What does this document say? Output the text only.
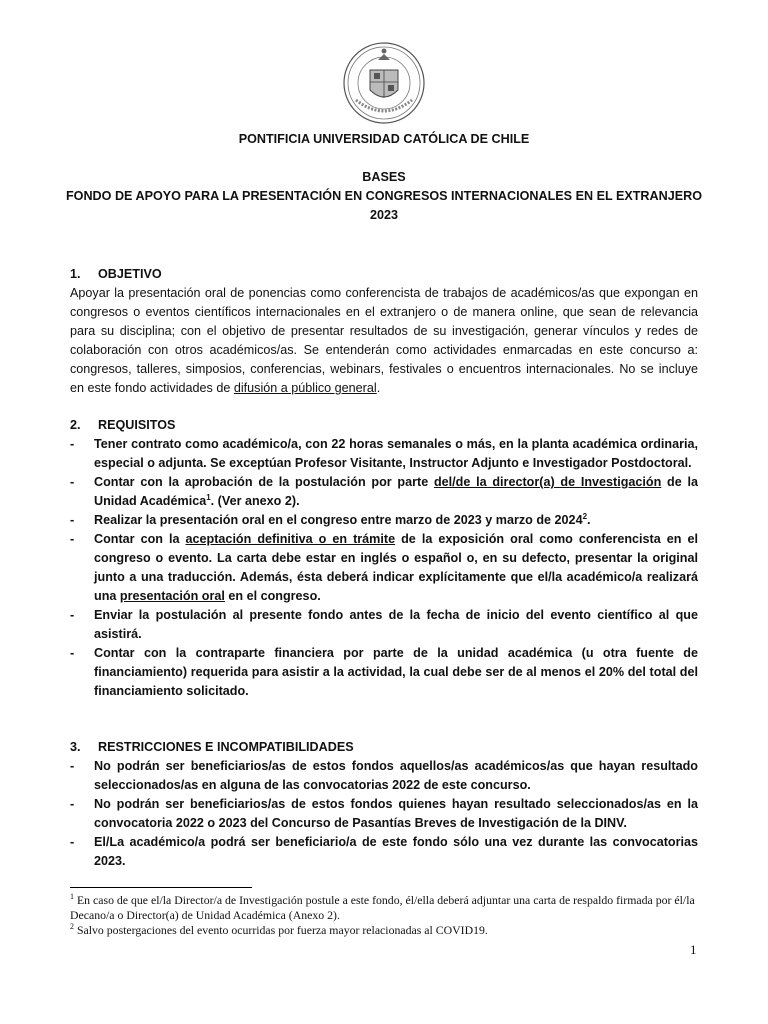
PONTIFICIA UNIVERSIDAD CATÓLICA DE CHILE
BASES
FONDO DE APOYO PARA LA PRESENTACIÓN EN CONGRESOS INTERNACIONALES EN EL EXTRANJERO
2023

1. OBJETIVO

Apoyar la presentación oral de ponencias como conferencista de trabajos de académicos/as que expongan en congresos o eventos científicos internacionales en el extranjero o de manera online, que sean de relevancia para su disciplina; con el objetivo de presentar resultados de su investigación, generar vínculos y redes de colaboración con otros académicos/as. Se entenderán como actividades enmarcadas en este concurso a: congresos, talleres, simposios, conferencias, webinars, festivales o encuentros internacionales. No se incluye en este fondo actividades de difusión a público general.

2. REQUISITOS

- Tener contrato como académico/a, con 22 horas semanales o más, en la planta académica ordinaria, especial o adjunta. Se exceptúan Profesor Visitante, Instructor Adjunto e Investigador Postdoctoral.
- Contar con la aprobación de la postulación por parte del/de la director(a) de Investigación de la Unidad Académica$^1$. (Ver anexo 2).
- Realizar la presentación oral en el congreso entre marzo de 2023 y marzo de 2024$^2$.
- Contar con la aceptación definitiva o en trámite de la exposición oral como conferencista en el congreso o evento. La carta debe estar en inglés o español o, en su defecto, presentar la original junto a una traducción. Además, ésta deberá indicar explícitamente que el/la académico/a realizará una presentación oral en el congreso.
- Enviar la postulación al presente fondo antes de la fecha de inicio del evento científico al que asistirá.
- Contar con la contraparte financiera por parte de la unidad académica (u otra fuente de financiamiento) requerida para asistir a la actividad, la cual debe ser de al menos el 20% del total del financiamiento solicitado.

3. RESTRICCIONES E INCOMPATIBILIDADES

- No podrán ser beneficiarios/as de estos fondos aquellos/as académicos/as que hayan resultado seleccionados/as en alguna de las convocatorias 2022 de este concurso.
- No podrán ser beneficiarios/as de estos fondos quienes hayan resultado seleccionados/as en la convocatoria 2022 o 2023 del Concurso de Pasantías Breves de Investigación de la DINV.
- El/La académico/a podrá ser beneficiario/a de este fondo sólo una vez durante las convocatorias 2023.

$^1$ En caso de que el/la Director/a de Investigación postule a este fondo, él/ella deberá adjuntar una carta de respaldo firmada por él/la Decano/a o Director(a) de Unidad Académica (Anexo 2).

$^2$ Salvo postergaciones del evento ocurridas por fuerza mayor relacionadas al COVID19.

1
